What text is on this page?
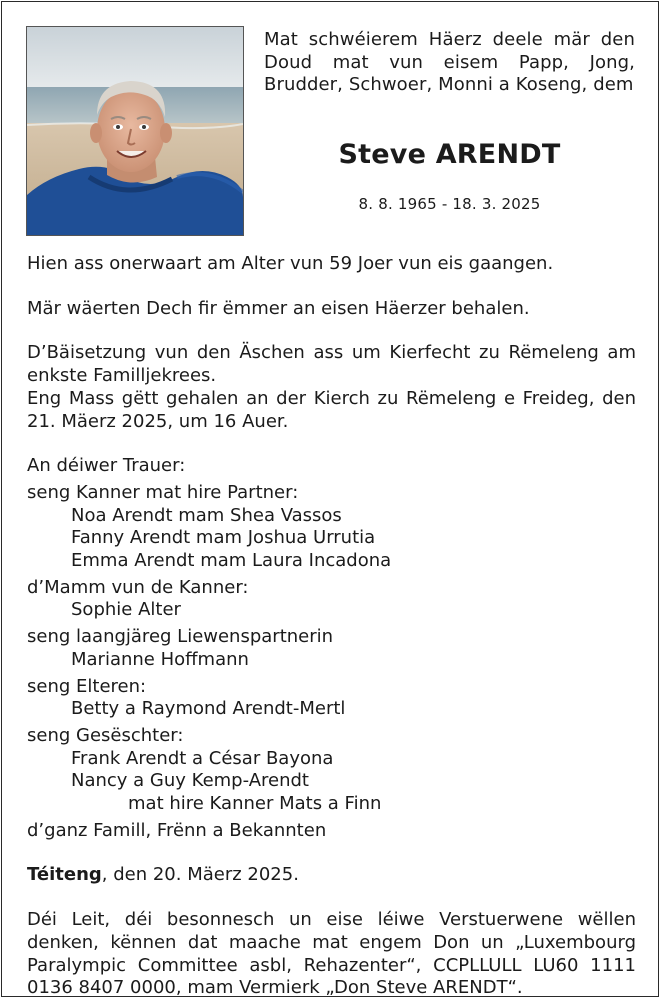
Mat schwéierem Häerz deele mär den Doud mat vun eisem Papp, Jong, Brudder, Schwoer, Monni a Koseng, dem
Steve ARENDT
8. 8. 1965 - 18. 3. 2025

Hien ass onerwaart am Alter vun 59 Joer vun eis gaangen.

Mär wäerten Dech fir ëmmer an eisen Häerzer behalen.

D’Bäisetzung vun den Äschen ass um Kierfecht zu Rëmeleng am enkste Familljekrees.

Eng Mass gëtt gehalen an der Kierch zu Rëmeleng e Freideg, den 21. Mäerz 2025, um 16 Auer.

An déiwer Trauer:
seng Kanner mat hire Partner:
Noa Arendt mam Shea Vassos
Fanny Arendt mam Joshua Urrutia
Emma Arendt mam Laura Incadona
d’Mamm vun de Kanner:
Sophie Alter
seng laangjäreg Liewenspartnerin
Marianne Hoffmann
seng Elteren:
Betty a Raymond Arendt-Mertl
seng Gesëschter:
Frank Arendt a César Bayona
Nancy a Guy Kemp-Arendt
mat hire Kanner Mats a Finn
d’ganz Famill, Frënn a Bekannten
Téiteng, den 20. Mäerz 2025.

Déi Leit, déi besonnesch un eise léiwe Verstuerwene wëllen denken, kënnen dat maache mat engem Don un „Luxembourg Paralympic Committee asbl, Rehazenter“, CCPLLULL LU60 1111 0136 8407 0000, mam Vermierk „Don Steve ARENDT“.
